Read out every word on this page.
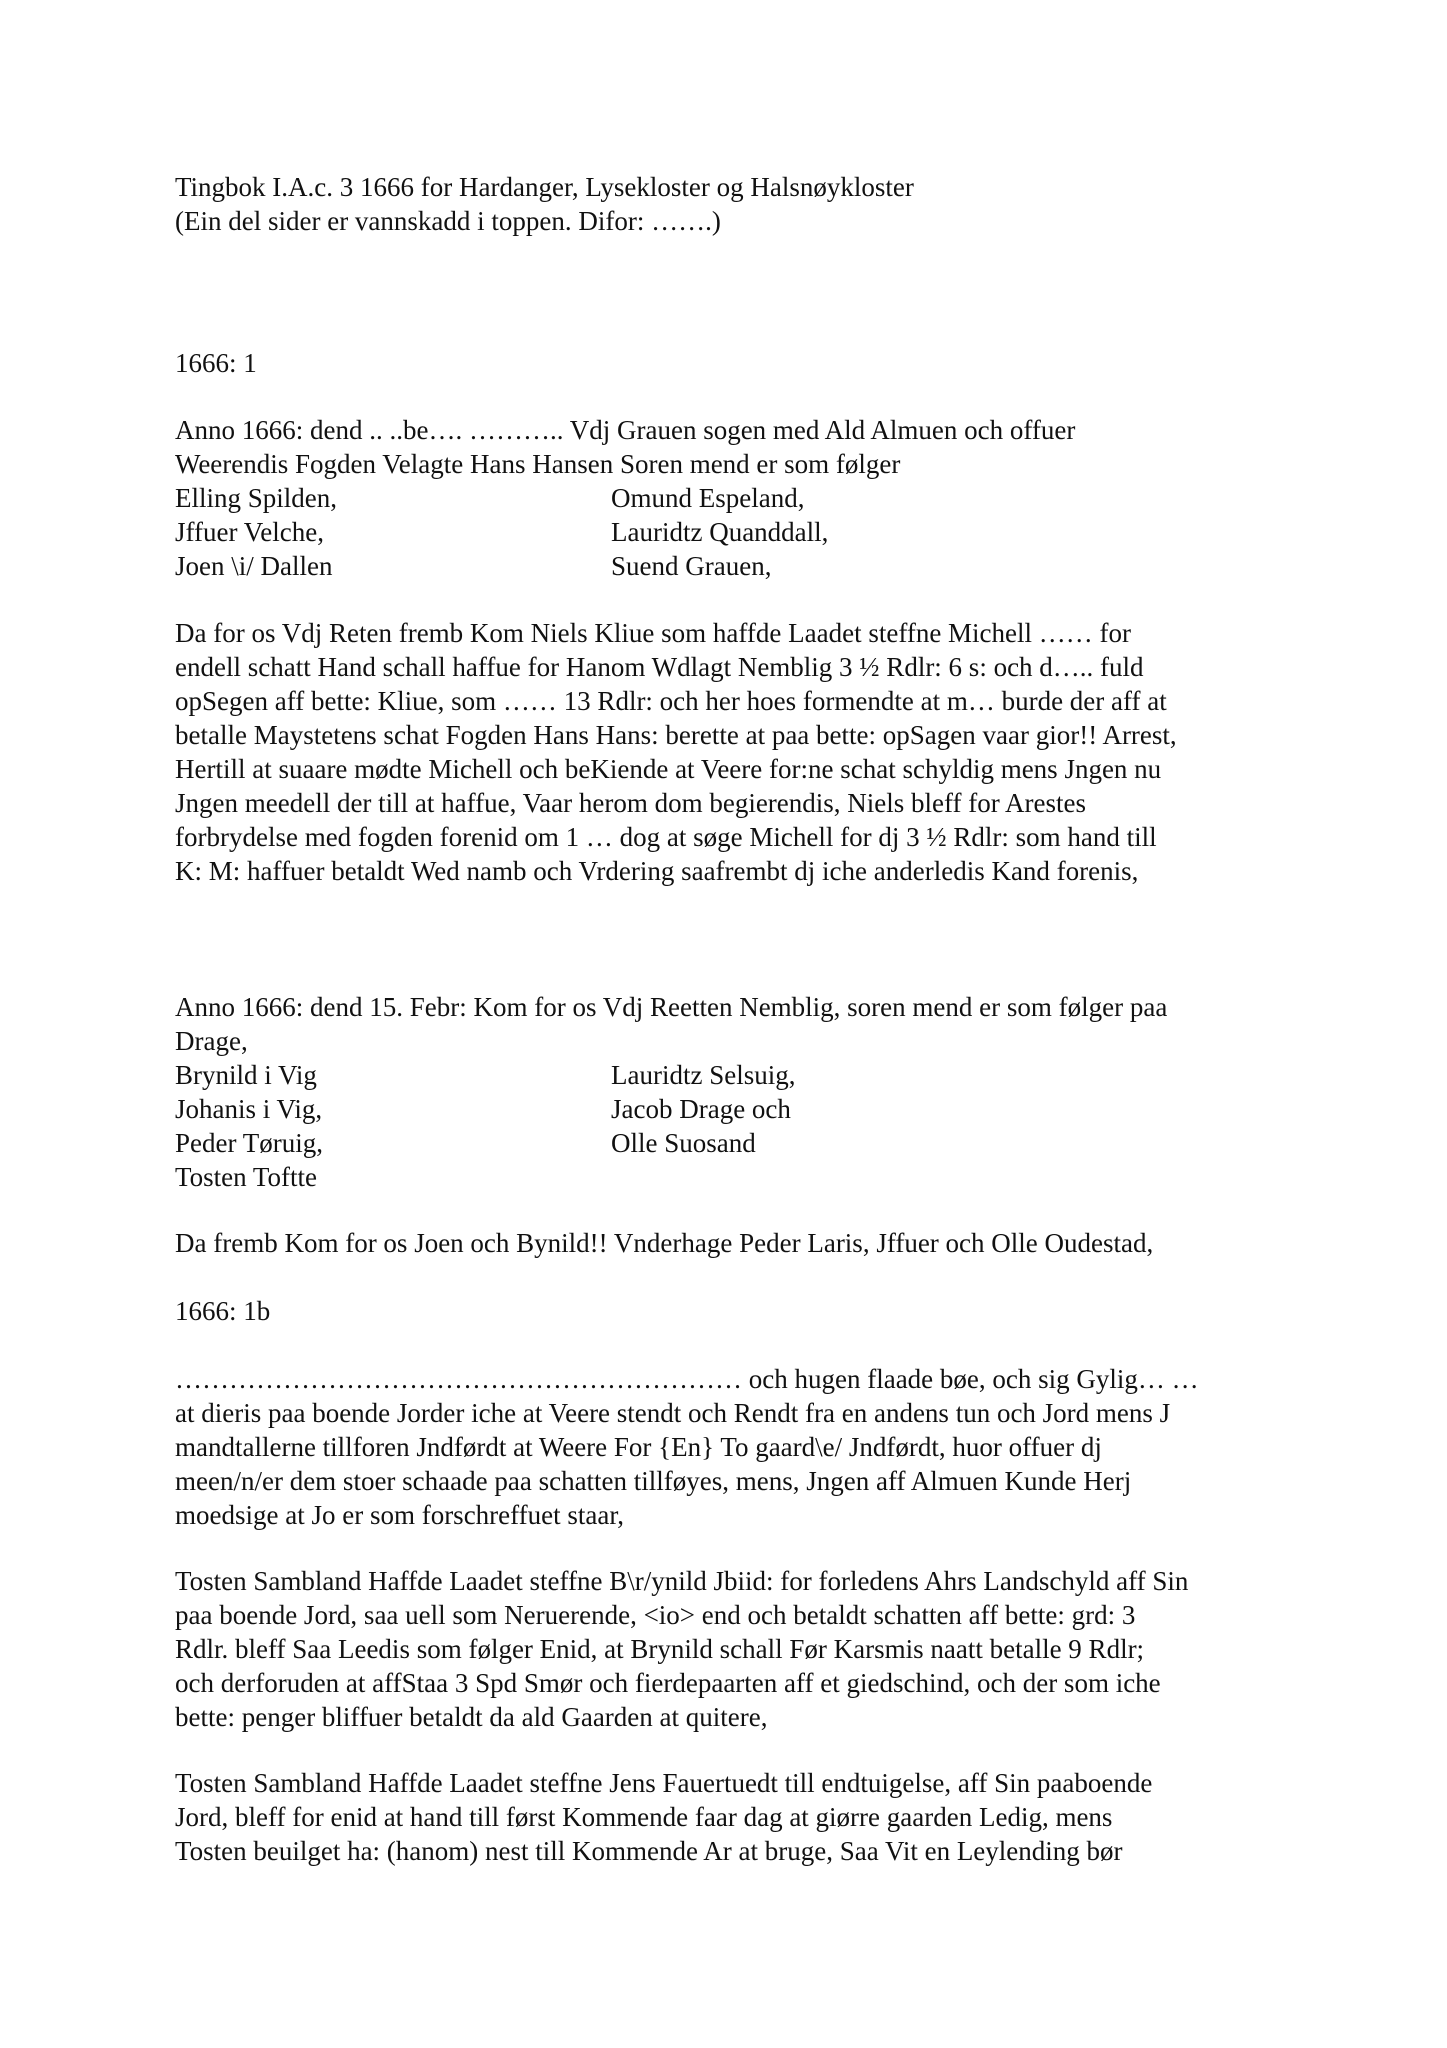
Tingbok I.A.c. 3 1666 for Hardanger, Lysekloster og Halsnøykloster
(Ein del sider er vannskadd i toppen. Difor: …….)
1666: 1
Anno 1666: dend .. ..be…. ……….. Vdj Grauen sogen med Ald Almuen och offuer
Weerendis Fogden Velagte Hans Hansen Soren mend er som følger
Elling Spilden,	Omund Espeland,
Jffuer Velche,	Lauridtz Quanddall,
Joen \i/ Dallen	Suend Grauen,
Da for os Vdj Reten fremb Kom Niels Kliue som haffde Laadet steffne Michell …… for
endell schatt Hand schall haffue for Hanom Wdlagt Nemblig 3 ½ Rdlr: 6 s: och d….. fuld
opSegen aff bette: Kliue, som …… 13 Rdlr: och her hoes formendte at m… burde der aff at
betalle Maystetens schat Fogden Hans Hans: berette at paa bette: opSagen vaar gior!! Arrest,
Hertill at suaare mødte Michell och beKiende at Veere for:ne schat schyldig mens Jngen nu
Jngen meedell der till at haffue, Vaar herom dom begierendis, Niels bleff for Arestes
forbrydelse med fogden forenid om 1 … dog at søge Michell for dj 3 ½ Rdlr: som hand till
K: M: haffuer betaldt Wed namb och Vrdering saafrembt dj iche anderledis Kand forenis,
Anno 1666: dend 15. Febr: Kom for os Vdj Reetten Nemblig, soren mend er som følger paa
Drage,
Brynild i Vig	Lauridtz Selsuig,
Johanis i Vig,	Jacob Drage och
Peder Tøruig,	Olle Suosand
Tosten Toftte
Da fremb Kom for os Joen och Bynild!! Vnderhage Peder Laris, Jffuer och Olle Oudestad,
1666: 1b
……………………………………………………… och hugen flaade bøe, och sig Gylig… …
at dieris paa boende Jorder iche at Veere stendt och Rendt fra en andens tun och Jord mens J
mandtallerne tillforen Jndførdt at Weere For {En} To gaard\e/ Jndførdt, huor offuer dj
meen/n/er dem stoer schaade paa schatten tillføyes, mens, Jngen aff Almuen Kunde Herj
moedsige at Jo er som forschreffuet staar,
Tosten Sambland Haffde Laadet steffne B\r/ynild Jbiid: for forledens Ahrs Landschyld aff Sin
paa boende Jord, saa uell som Neruerende, <io> end och betaldt schatten aff bette: grd: 3
Rdlr. bleff Saa Leedis som følger Enid, at Brynild schall Før Karsmis naatt betalle 9 Rdlr;
och derforuden at affStaa 3 Spd Smør och fierdepaarten aff et giedschind, och der som iche
bette: penger bliffuer betaldt da ald Gaarden at quitere,
Tosten Sambland Haffde Laadet steffne Jens Fauertuedt till endtuigelse, aff Sin paaboende
Jord, bleff for enid at hand till først Kommende faar dag at giørre gaarden Ledig, mens
Tosten beuilget ha: (hanom) nest till Kommende Ar at bruge, Saa Vit en Leylending bør
